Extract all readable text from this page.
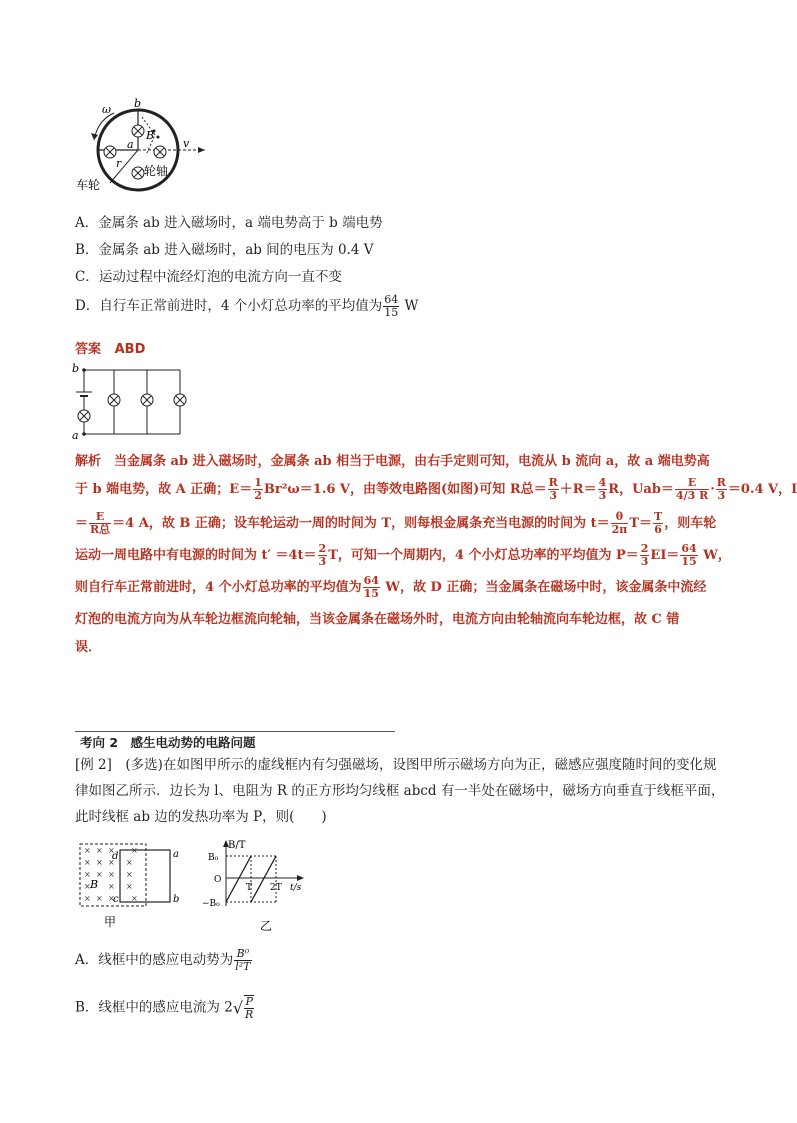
ω b
a
B
r
v
轮轴
车轮
A．金属条 ab 进入磁场时，a 端电势高于 b 端电势
B．金属条 ab 进入磁场时，ab 间的电压为 0.4 V
C．运动过程中流经灯泡的电流方向一直不变
D．自行车正常前进时，4 个小灯总功率的平均值为 $\frac{64}{15}$ W
答案 ABD
b
a
解析　当金属条 ab 进入磁场时，金属条 ab 相当于电源，由右手定则可知，电流从 b 流向 a，故 a 端电势高
于 b 端电势，故 A 正确；$E= \frac{1}{2} Br^2\omega=1.6$ V，由等效电路图(如图)可知 R总＝ $\frac{R}{3} +R= \frac{4}{3}$ R，$Uab= \frac{E}{4/3 R} \cdot \frac{R}{3} =0.4$ V，I
＝ $\frac{E}{\text{R总}} =4$ A，故 B 正确；设车轮运动一周的时间为 T，则每根金属条充当电源的时间为 $t= \frac{\theta}{2\pi} T= \frac{T}{6}$ ，则车轮
运动一周电路中有电源的时间为 $t' =4t= \frac{2}{3}$ T，可知一个周期内，4 个小灯总功率的平均值为 $P= \frac{2}{3} EI= \frac{64}{15}$ W，
则自行车正常前进时，4 个小灯总功率的平均值为 $\frac{64}{15}$ W，故 D 正确；当金属条在磁场中时，该金属条中流经
灯泡的电流方向为从车轮边框流向轮轴，当该金属条在磁场外时，电流方向由轮轴流向车轮边框，故 C 错
误．
考向 2　感生电动势的电路问题
[例 2]　(多选)在如图甲所示的虚线框内有匀强磁场，设图甲所示磁场方向为正，磁感应强度随时间的变化规
律如图乙所示．边长为 l、电阻为 R 的正方形均匀线框 abcd 有一半处在磁场中，磁场方向垂直于线框平面，
此时线框 ab 边的发热功率为 P，则(　　)
× × × ×
× × × ×
× × × ×
× × ×
× × × ×
d	a
B
b
c
甲
B/T
B₀
O
−B₀
T 2T t/s
乙
A．线框中的感应电动势为 $\frac{\text{B⁰}}{\text{l²T}}$
B．线框中的感应电流为 $2√ \frac{P}{R}$
